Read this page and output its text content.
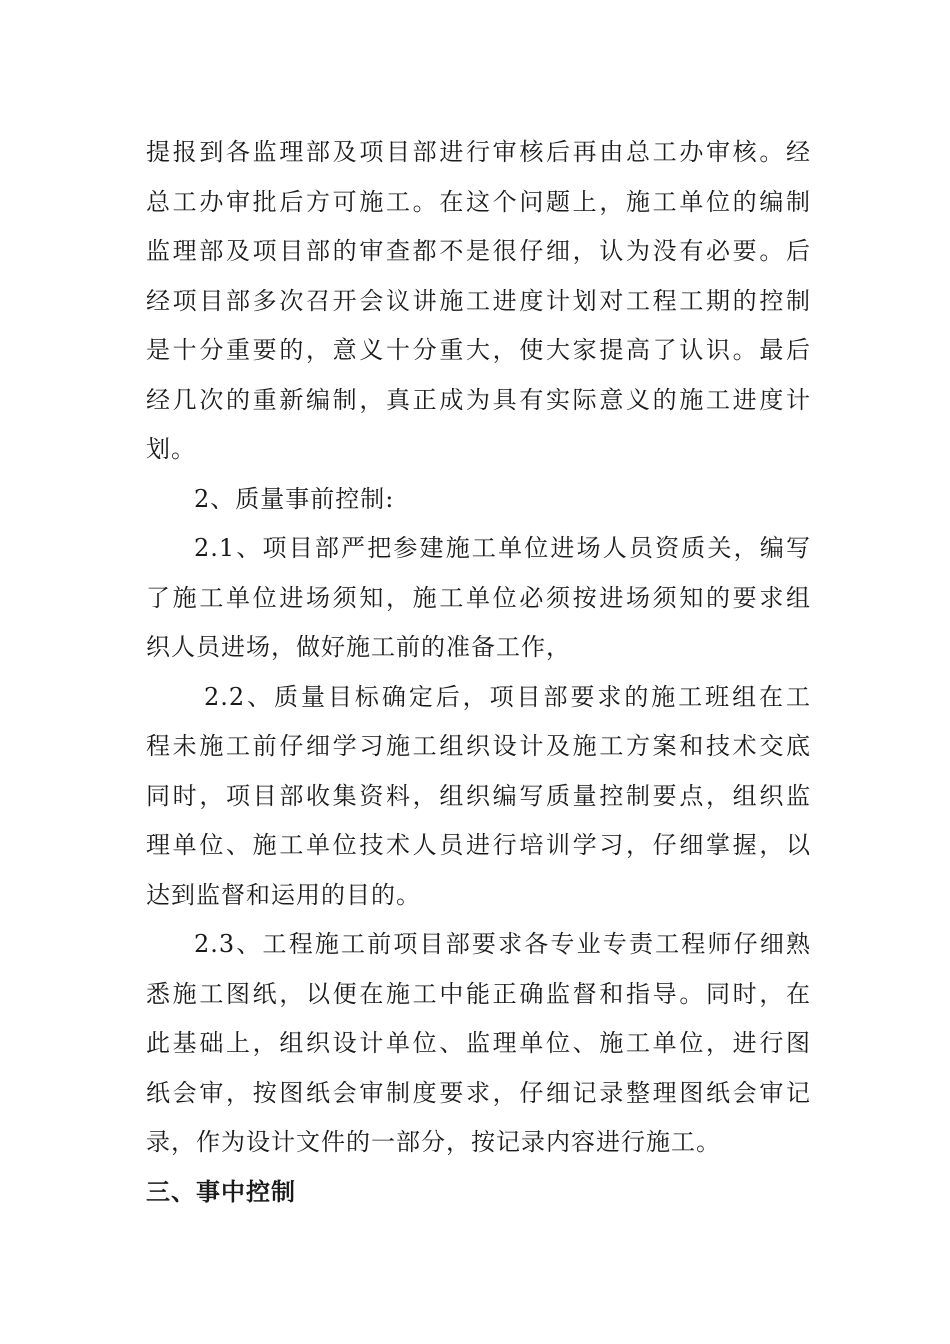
提报到各监理部及项目部进行审核后再由总工办审核。经
总工办审批后方可施工。在这个问题上，施工单位的编制
监理部及项目部的审查都不是很仔细，认为没有必要。后
经项目部多次召开会议讲施工进度计划对工程工期的控制
是十分重要的，意义十分重大，使大家提高了认识。最后
经几次的重新编制，真正成为具有实际意义的施工进度计
划。
2、质量事前控制:
2.1、项目部严把参建施工单位进场人员资质关，编写
了施工单位进场须知，施工单位必须按进场须知的要求组
织人员进场，做好施工前的准备工作，
2.2、质量目标确定后，项目部要求的施工班组在工
程未施工前仔细学习施工组织设计及施工方案和技术交底
同时，项目部收集资料，组织编写质量控制要点，组织监
理单位、施工单位技术人员进行培训学习，仔细掌握，以
达到监督和运用的目的。
2.3、工程施工前项目部要求各专业专责工程师仔细熟
悉施工图纸，以便在施工中能正确监督和指导。同时，在
此基础上，组织设计单位、监理单位、施工单位，进行图
纸会审，按图纸会审制度要求，仔细记录整理图纸会审记
录，作为设计文件的一部分，按记录内容进行施工。
三、事中控制
